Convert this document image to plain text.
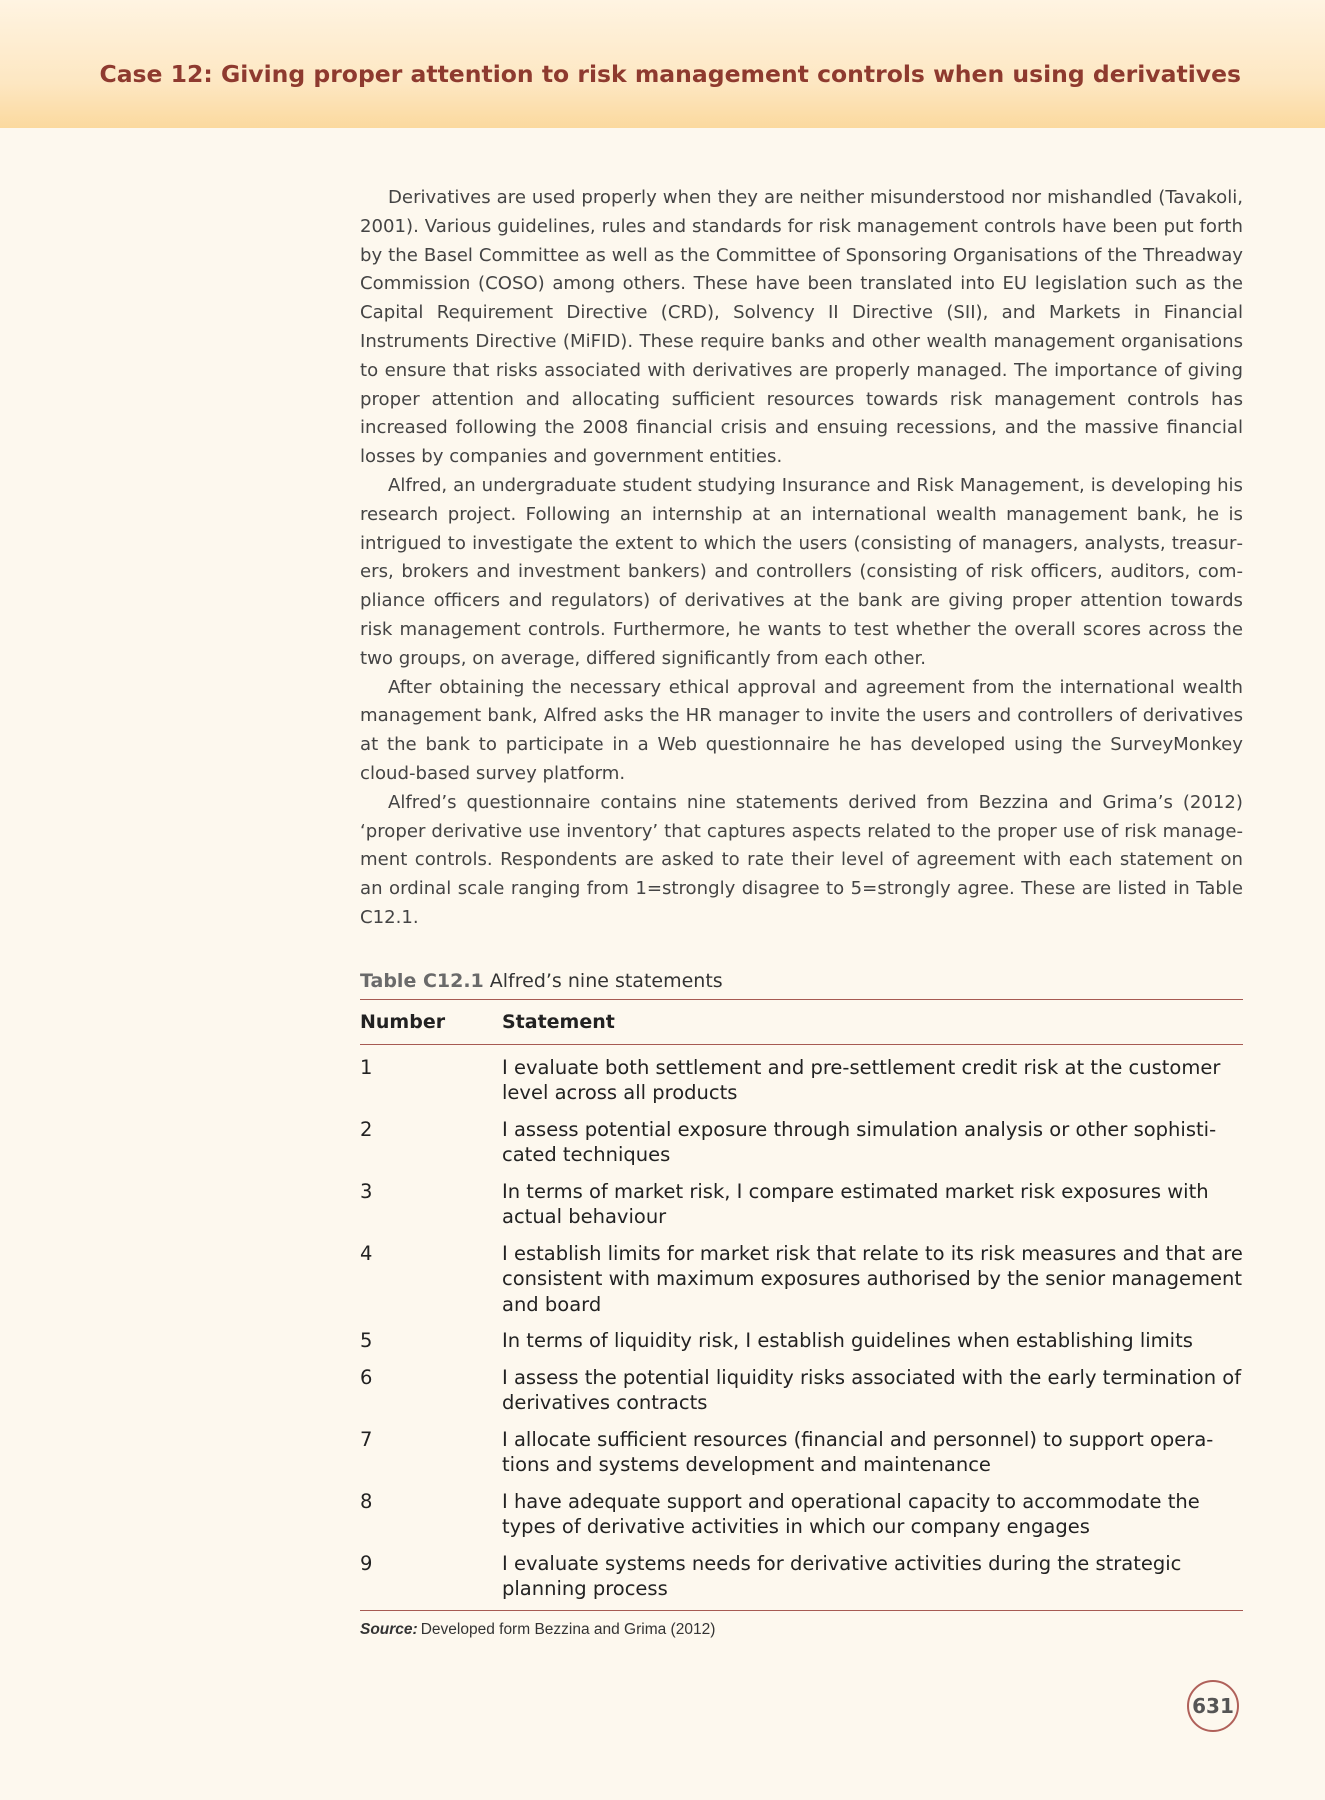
Case 12: Giving proper attention to risk management controls when using derivatives

Derivatives are used properly when they are neither misunderstood nor mishandled (Tavakoli, 2001). Various guidelines, rules and standards for risk management controls have been put forth by the Basel Committee as well as the Committee of Sponsoring Organisations of the Threadway Commission (COSO) among others. These have been translated into EU legislation such as the Capital Requirement Directive (CRD), Solvency II Directive (SII), and Markets in Financial Instruments Directive (MiFID). These require banks and other wealth management organisations to ensure that risks associated with derivatives are properly managed. The importance of giving proper attention and allocating sufficient resources towards risk management controls has increased following the 2008 financial crisis and ensuing recessions, and the massive financial losses by companies and government entities.

Alfred, an undergraduate student studying Insurance and Risk Management, is developing his research project. Following an internship at an international wealth management bank, he is intrigued to investigate the extent to which the users (consisting of managers, analysts, treasurers, brokers and investment bankers) and controllers (consisting of risk officers, auditors, compliance officers and regulators) of derivatives at the bank are giving proper attention towards risk management controls. Furthermore, he wants to test whether the overall scores across the two groups, on average, differed significantly from each other.

After obtaining the necessary ethical approval and agreement from the international wealth management bank, Alfred asks the HR manager to invite the users and controllers of derivatives at the bank to participate in a Web questionnaire he has developed using the SurveyMonkey cloud-based survey platform.

Alfred’s questionnaire contains nine statements derived from Bezzina and Grima’s (2012) ‘proper derivative use inventory’ that captures aspects related to the proper use of risk management controls. Respondents are asked to rate their level of agreement with each statement on an ordinal scale ranging from 1=strongly disagree to 5=strongly agree. These are listed in Table C12.1.

Table C12.1 Alfred’s nine statements
Number	Statement
1	I evaluate both settlement and pre-settlement credit risk at the customer level across all products
2	I assess potential exposure through simulation analysis or other sophisticated techniques
3	In terms of market risk, I compare estimated market risk exposures with actual behaviour
4	I establish limits for market risk that relate to its risk measures and that are consistent with maximum exposures authorised by the senior management and board
5	In terms of liquidity risk, I establish guidelines when establishing limits
6	I assess the potential liquidity risks associated with the early termination of derivatives contracts
7	I allocate sufficient resources (financial and personnel) to support operations and systems development and maintenance
8	I have adequate support and operational capacity to accommodate the types of derivative activities in which our company engages
9	I evaluate systems needs for derivative activities during the strategic planning process
Source: Developed form Bezzina and Grima (2012)
631
